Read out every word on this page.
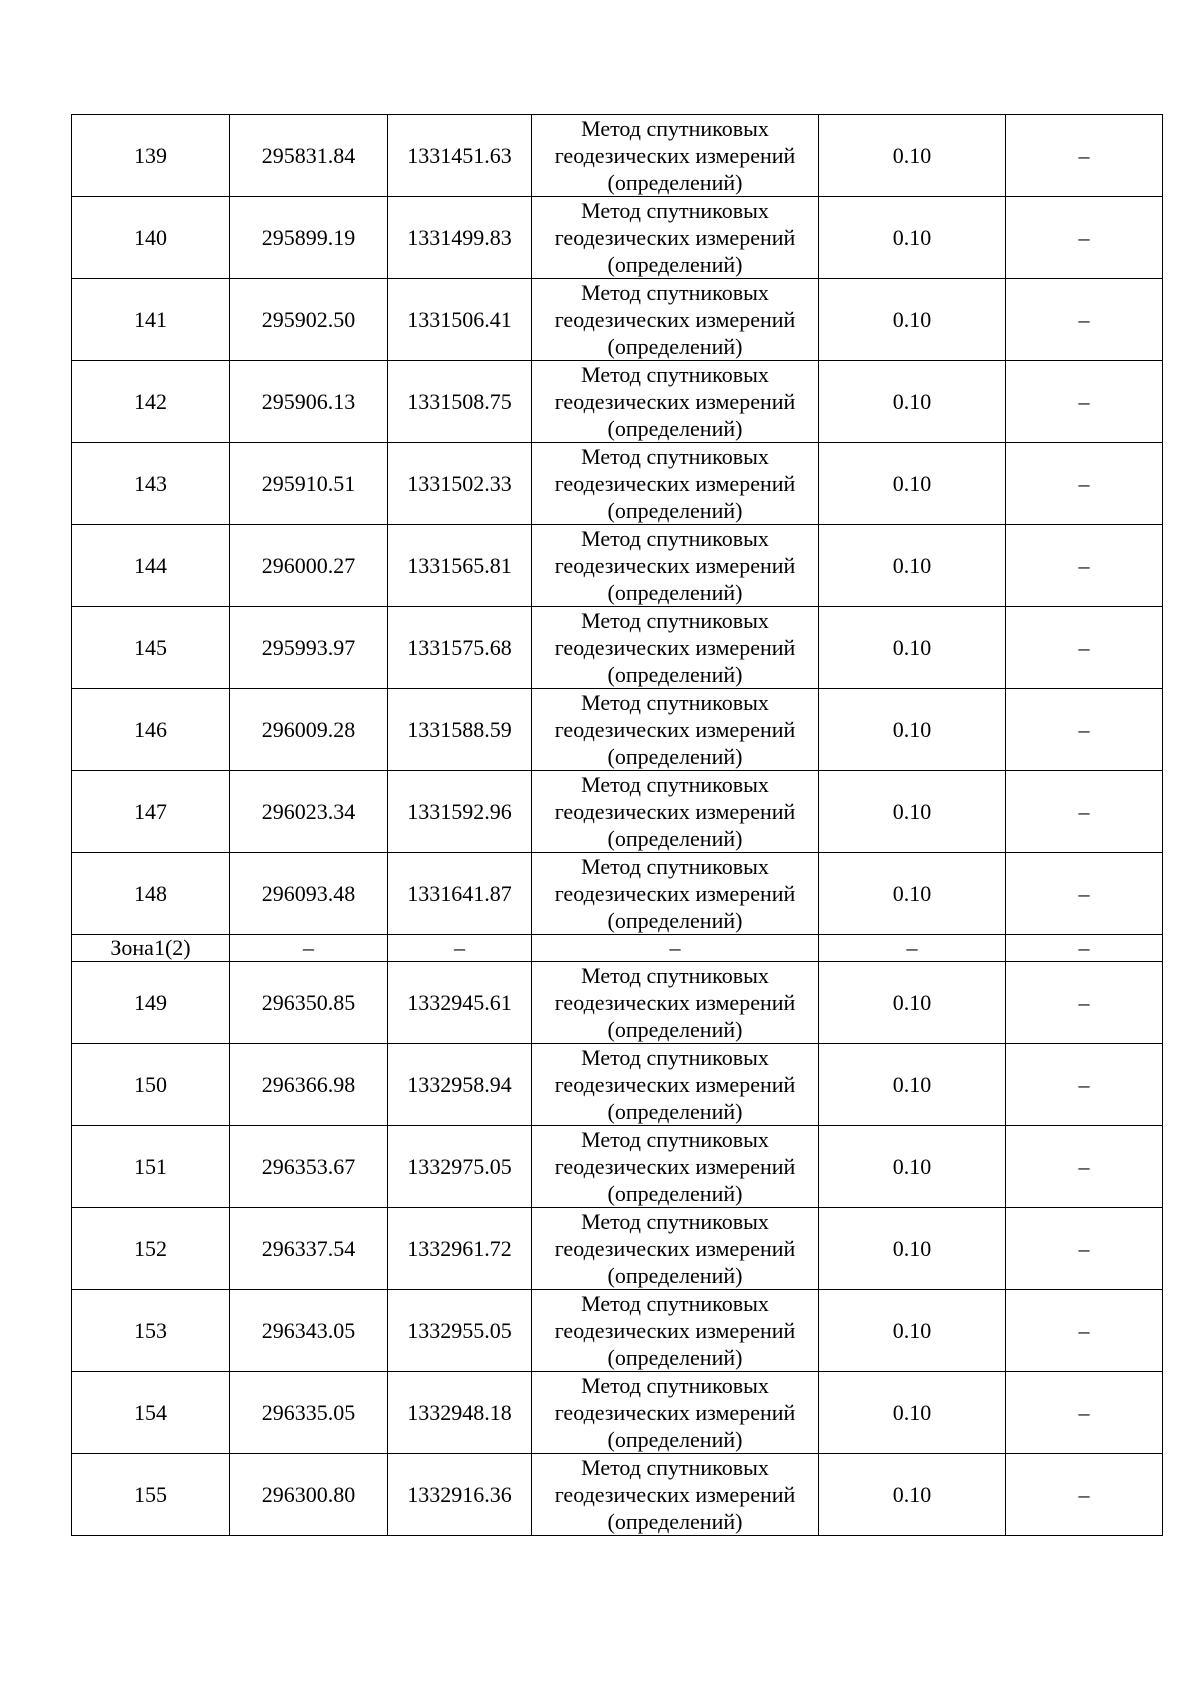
139	295831.84	1331451.63	Метод спутниковых
геодезических измерений
(определений)	0.10	–
140	295899.19	1331499.83	Метод спутниковых
геодезических измерений
(определений)	0.10	–
141	295902.50	1331506.41	Метод спутниковых
геодезических измерений
(определений)	0.10	–
142	295906.13	1331508.75	Метод спутниковых
геодезических измерений
(определений)	0.10	–
143	295910.51	1331502.33	Метод спутниковых
геодезических измерений
(определений)	0.10	–
144	296000.27	1331565.81	Метод спутниковых
геодезических измерений
(определений)	0.10	–
145	295993.97	1331575.68	Метод спутниковых
геодезических измерений
(определений)	0.10	–
146	296009.28	1331588.59	Метод спутниковых
геодезических измерений
(определений)	0.10	–
147	296023.34	1331592.96	Метод спутниковых
геодезических измерений
(определений)	0.10	–
148	296093.48	1331641.87	Метод спутниковых
геодезических измерений
(определений)	0.10	–
Зона1(2)	–	–	–	–	–
149	296350.85	1332945.61	Метод спутниковых
геодезических измерений
(определений)	0.10	–
150	296366.98	1332958.94	Метод спутниковых
геодезических измерений
(определений)	0.10	–
151	296353.67	1332975.05	Метод спутниковых
геодезических измерений
(определений)	0.10	–
152	296337.54	1332961.72	Метод спутниковых
геодезических измерений
(определений)	0.10	–
153	296343.05	1332955.05	Метод спутниковых
геодезических измерений
(определений)	0.10	–
154	296335.05	1332948.18	Метод спутниковых
геодезических измерений
(определений)	0.10	–
155	296300.80	1332916.36	Метод спутниковых
геодезических измерений
(определений)	0.10	–
